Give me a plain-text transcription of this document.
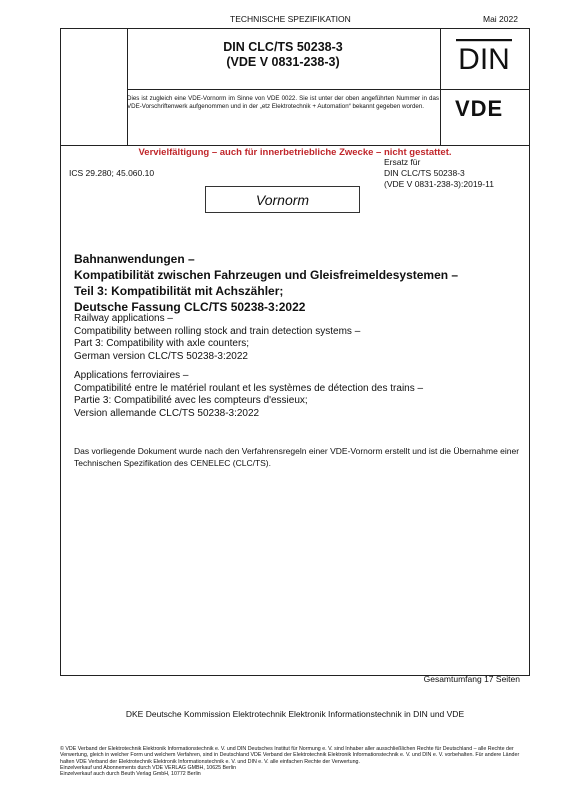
TECHNISCHE SPEZIFIKATION	Mai 2022
DIN CLC/TS 50238-3
(VDE V 0831-238-3)	DIN
Dies ist zugleich eine VDE-Vornorm im Sinne von VDE 0022. Sie ist unter der oben angeführten Nummer in das VDE-Vorschriftenwerk aufgenommen und in der „etz Elektrotechnik + Automation“ bekannt gegeben worden.	VDE
Vervielfältigung – auch für innerbetriebliche Zwecke – nicht gestattet.
ICS 29.280; 45.060.10
Ersatz für
DIN CLC/TS 50238-3
(VDE V 0831-238-3):2019-11
Vornorm
Bahnanwendungen –
Kompatibilität zwischen Fahrzeugen und Gleisfreimeldesystemen –
Teil 3: Kompatibilität mit Achszähler;
Deutsche Fassung CLC/TS 50238-3:2022
Railway applications –
Compatibility between rolling stock and train detection systems –
Part 3: Compatibility with axle counters;
German version CLC/TS 50238-3:2022
Applications ferroviaires –
Compatibilité entre le matériel roulant et les systèmes de détection des trains –
Partie 3: Compatibilité avec les compteurs d'essieux;
Version allemande CLC/TS 50238-3:2022
Das vorliegende Dokument wurde nach den Verfahrensregeln einer VDE-Vornorm erstellt und ist die Übernahme einer Technischen Spezifikation des CENELEC (CLC/TS).
Gesamtumfang 17 Seiten
DKE Deutsche Kommission Elektrotechnik Elektronik Informationstechnik in DIN und VDE

© VDE Verband der Elektrotechnik Elektronik Informationstechnik e. V. und DIN Deutsches Institut für Normung e. V. sind Inhaber aller ausschließlichen Rechte für Deutschland – alle Rechte der Verwertung, gleich in welcher Form und welchem Verfahren, sind in Deutschland VDE Verband der Elektrotechnik Elektronik Informationstechnik e. V. und DIN e. V. vorbehalten. Für andere Länder halten VDE Verband der Elektrotechnik Elektronik Informationstechnik e. V. und DIN e. V. alle einfachen Rechte der Verwertung.

Einzelverkauf und Abonnements durch VDE VERLAG GMBH, 10625 Berlin

Einzelverkauf auch durch Beuth Verlag GmbH, 10772 Berlin
